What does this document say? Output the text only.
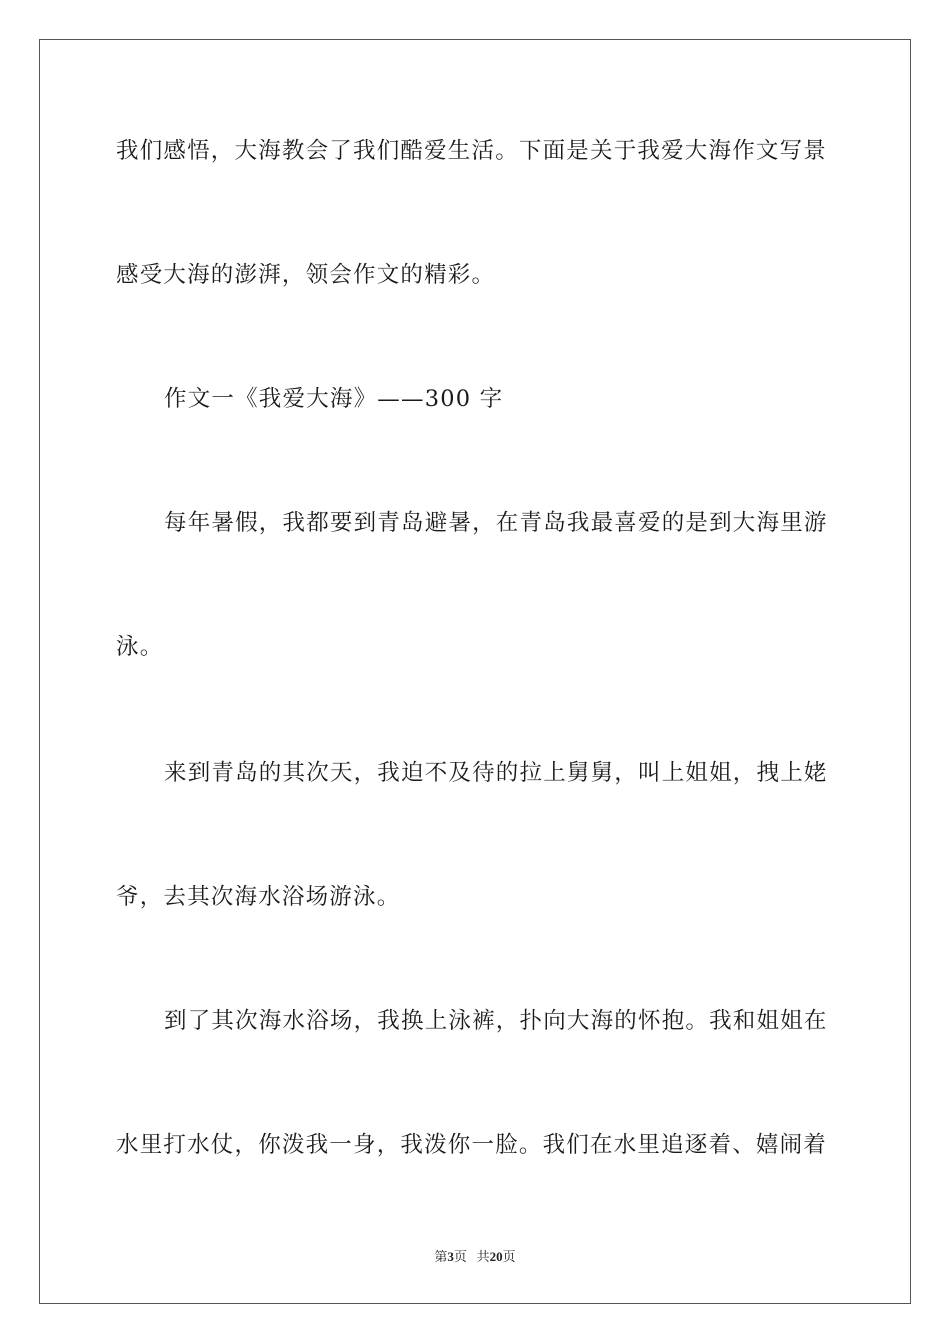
我们感悟，大海教会了我们酷爱生活。下面是关于我爱大海作文写景
感受大海的澎湃，领会作文的精彩。
作文一《我爱大海》——300 字
每年暑假，我都要到青岛避暑，在青岛我最喜爱的是到大海里游
泳。
来到青岛的其次天，我迫不及待的拉上舅舅，叫上姐姐，拽上姥
爷，去其次海水浴场游泳。
到了其次海水浴场，我换上泳裤，扑向大海的怀抱。我和姐姐在
水里打水仗，你泼我一身，我泼你一脸。我们在水里追逐着、嬉闹着
第3页 共20页
